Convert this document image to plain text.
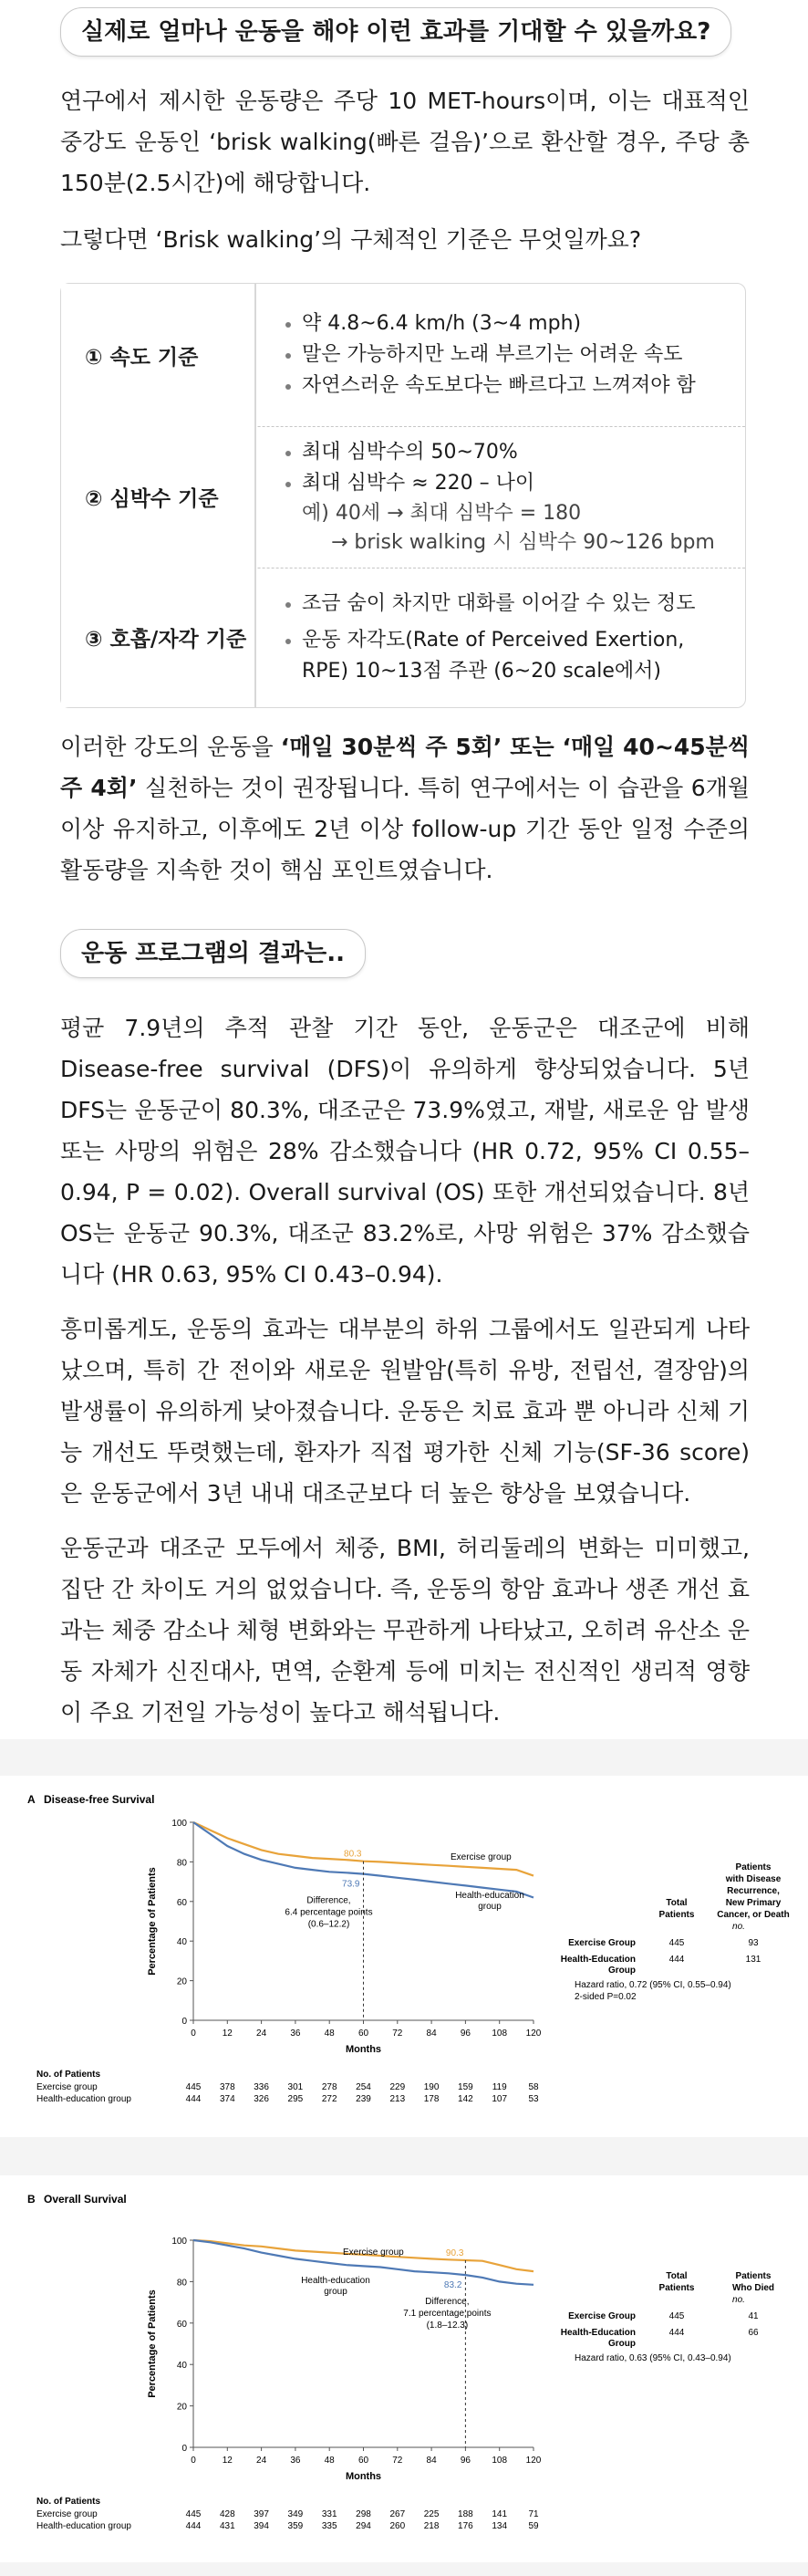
실제로 얼마나 운동을 해야 이런 효과를 기대할 수 있을까요?

연구에서 제시한 운동량은 주당 10 MET-hours이며, 이는 대표적인 중강도 운동인 ‘brisk walking(빠른 걸음)’으로 환산할 경우, 주당 총 150분(2.5시간)에 해당합니다.

그렇다면 ‘Brisk walking’의 구체적인 기준은 무엇일까요?

① 속도 기준
약 4.8~6.4 km/h (3~4 mph)
말은 가능하지만 노래 부르기는 어려운 속도
자연스러운 속도보다는 빠르다고 느껴져야 함
② 심박수 기준
최대 심박수의 50~70%
최대 심박수 ≈ 220 – 나이
예) 40세 → 최대 심박수 = 180
→ brisk walking 시 심박수 90~126 bpm
③ 호흡/자각 기준
조금 숨이 차지만 대화를 이어갈 수 있는 정도
운동 자각도(Rate of Perceived Exertion, RPE) 10~13점 주관 (6~20 scale에서)

이러한 강도의 운동을 ‘매일 30분씩 주 5회’ 또는 ‘매일 40~45분씩 주 4회’ 실천하는 것이 권장됩니다. 특히 연구에서는 이 습관을 6개월 이상 유지하고, 이후에도 2년 이상 follow-up 기간 동안 일정 수준의 활동량을 지속한 것이 핵심 포인트였습니다.

운동 프로그램의 결과는..

평균 7.9년의 추적 관찰 기간 동안, 운동군은 대조군에 비해 Disease-free survival (DFS)이 유의하게 향상되었습니다. 5년 DFS는 운동군이 80.3%, 대조군은 73.9%였고, 재발, 새로운 암 발생 또는 사망의 위험은 28% 감소했습니다 (HR 0.72, 95% CI 0.55–0.94, P = 0.02). Overall survival (OS) 또한 개선되었습니다. 8년 OS는 운동군 90.3%, 대조군 83.2%로, 사망 위험은 37% 감소했습니다 (HR 0.63, 95% CI 0.43–0.94).

흥미롭게도, 운동의 효과는 대부분의 하위 그룹에서도 일관되게 나타났으며, 특히 간 전이와 새로운 원발암(특히 유방, 전립선, 결장암)의 발생률이 유의하게 낮아졌습니다. 운동은 치료 효과 뿐 아니라 신체 기능 개선도 뚜렷했는데, 환자가 직접 평가한 신체 기능(SF-36 score)은 운동군에서 3년 내내 대조군보다 더 높은 향상을 보였습니다.

운동군과 대조군 모두에서 체중, BMI, 허리둘레의 변화는 미미했고, 집단 간 차이도 거의 없었습니다. 즉, 운동의 항암 효과나 생존 개선 효과는 체중 감소나 체형 변화와는 무관하게 나타났고, 오히려 유산소 운동 자체가 신진대사, 면역, 순환계 등에 미치는 전신적인 생리적 영향이 주요 기전일 가능성이 높다고 해석됩니다.

A Disease-free Survival
0
20
40
60
80
100
0	12	24	36	48	60	72	84	96 108 120
Months
Percentage of Patients
80.3
73.9
Difference,
6.4 percentage points
(0.6–12.2)
Exercise group
Health-education
group
Patients
with Disease
Recurrence,
New Primary
Cancer, or Death
Total
Patients
no.
Exercise Group	445	93
Health-Education
Group
444	131
Hazard ratio, 0.72 (95% CI, 0.55–0.94)
2-sided P=0.02
No. of Patients
Exercise group	445 378 336 301 278 254 229 190 159 119 58
Health-education group	444 374 326 295 272 239 213 178 142 107 53
B Overall Survival
0
20
40
60
80
100
0	12	24	36	48	60	72	84	96 108 120
Months
Percentage of Patients
90.3
83.2
Difference,
7.1 percentage points
(1.8–12.3)
Exercise group
Health-education
group
Patients
Who Died
Total
Patients
no.
Exercise Group	445	41
Health-Education
Group
444	66
Hazard ratio, 0.63 (95% CI, 0.43–0.94)
No. of Patients
Exercise group	445 428 397 349 331 298 267 225 188 141 71
Health-education group	444 431 394 359 335 294 260 218 176 134 59
